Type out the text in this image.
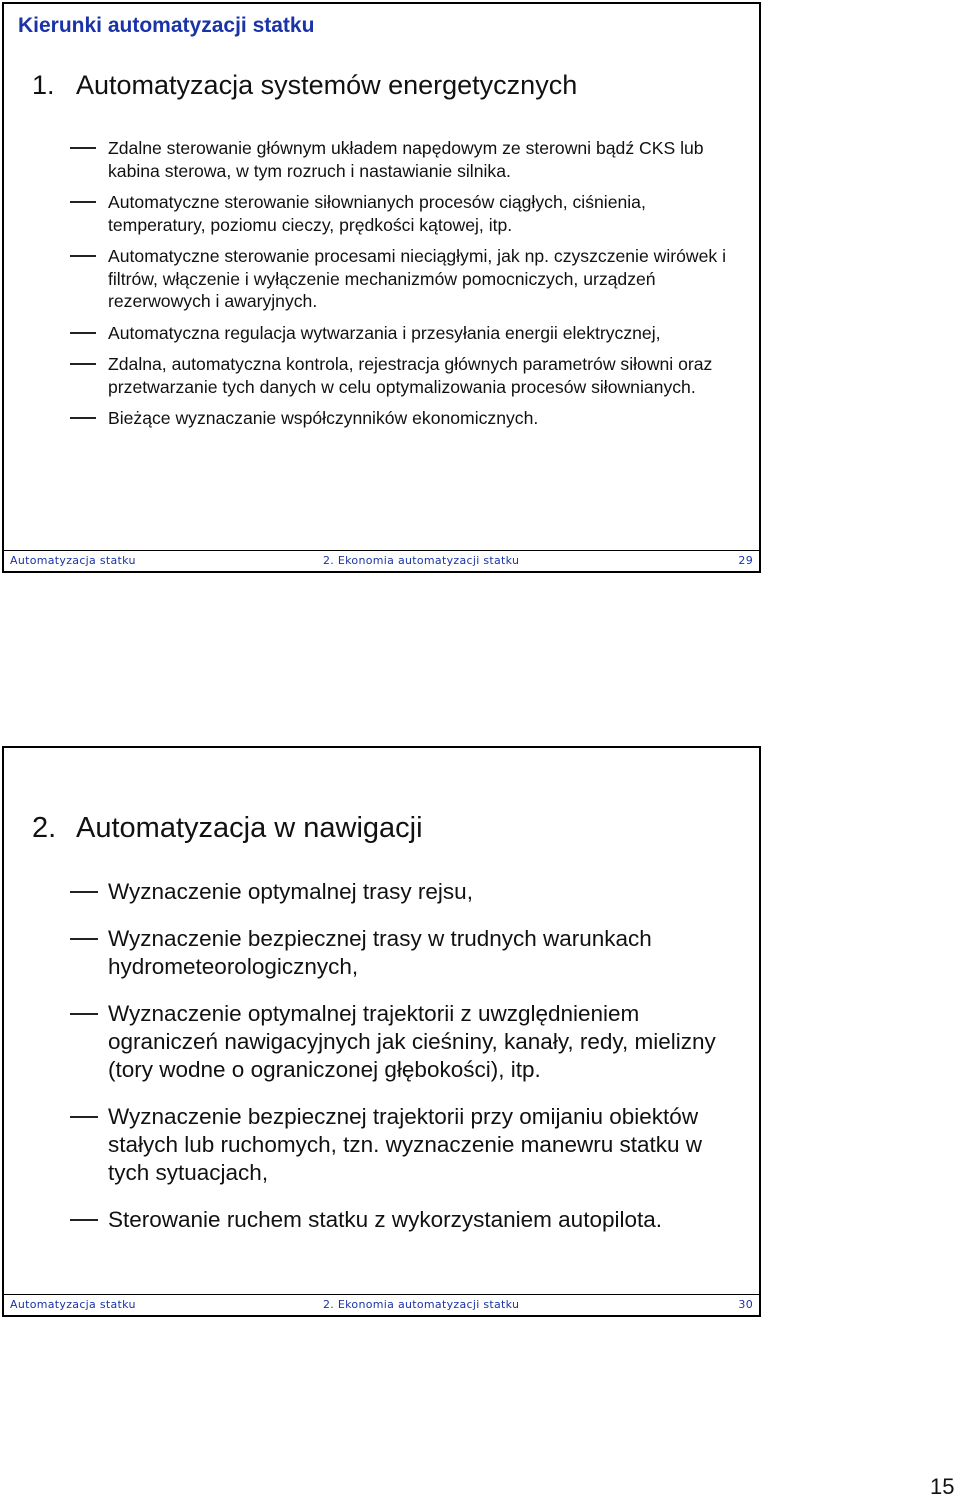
Kierunki automatyzacji statku
1. Automatyzacja systemów energetycznych
Zdalne sterowanie głównym układem napędowym ze sterowni bądź CKS lub kabina sterowa, w tym rozruch i nastawianie silnika.
Automatyczne sterowanie siłownianych procesów ciągłych, ciśnienia, temperatury, poziomu cieczy, prędkości kątowej, itp.
Automatyczne sterowanie procesami nieciągłymi, jak np. czyszczenie wirówek i filtrów, włączenie i wyłączenie mechanizmów pomocniczych, urządzeń rezerwowych i awaryjnych.
Automatyczna regulacja wytwarzania i przesyłania energii elektrycznej,
Zdalna, automatyczna kontrola, rejestracja głównych parametrów siłowni oraz przetwarzanie tych danych w celu optymalizowania procesów siłownianych.
Bieżące wyznaczanie współczynników ekonomicznych.
Automatyzacja statku	2. Ekonomia automatyzacji statku	29
2. Automatyzacja w nawigacji
Wyznaczenie optymalnej trasy rejsu,
Wyznaczenie bezpiecznej trasy w trudnych warunkach hydrometeorologicznych,
Wyznaczenie optymalnej trajektorii z uwzględnieniem ograniczeń nawigacyjnych jak cieśniny, kanały, redy, mielizny (tory wodne o ograniczonej głębokości), itp.
Wyznaczenie bezpiecznej trajektorii przy omijaniu obiektów stałych lub ruchomych, tzn. wyznaczenie manewru statku w tych sytuacjach,
Sterowanie ruchem statku z wykorzystaniem autopilota.
Automatyzacja statku	2. Ekonomia automatyzacji statku	30
15
